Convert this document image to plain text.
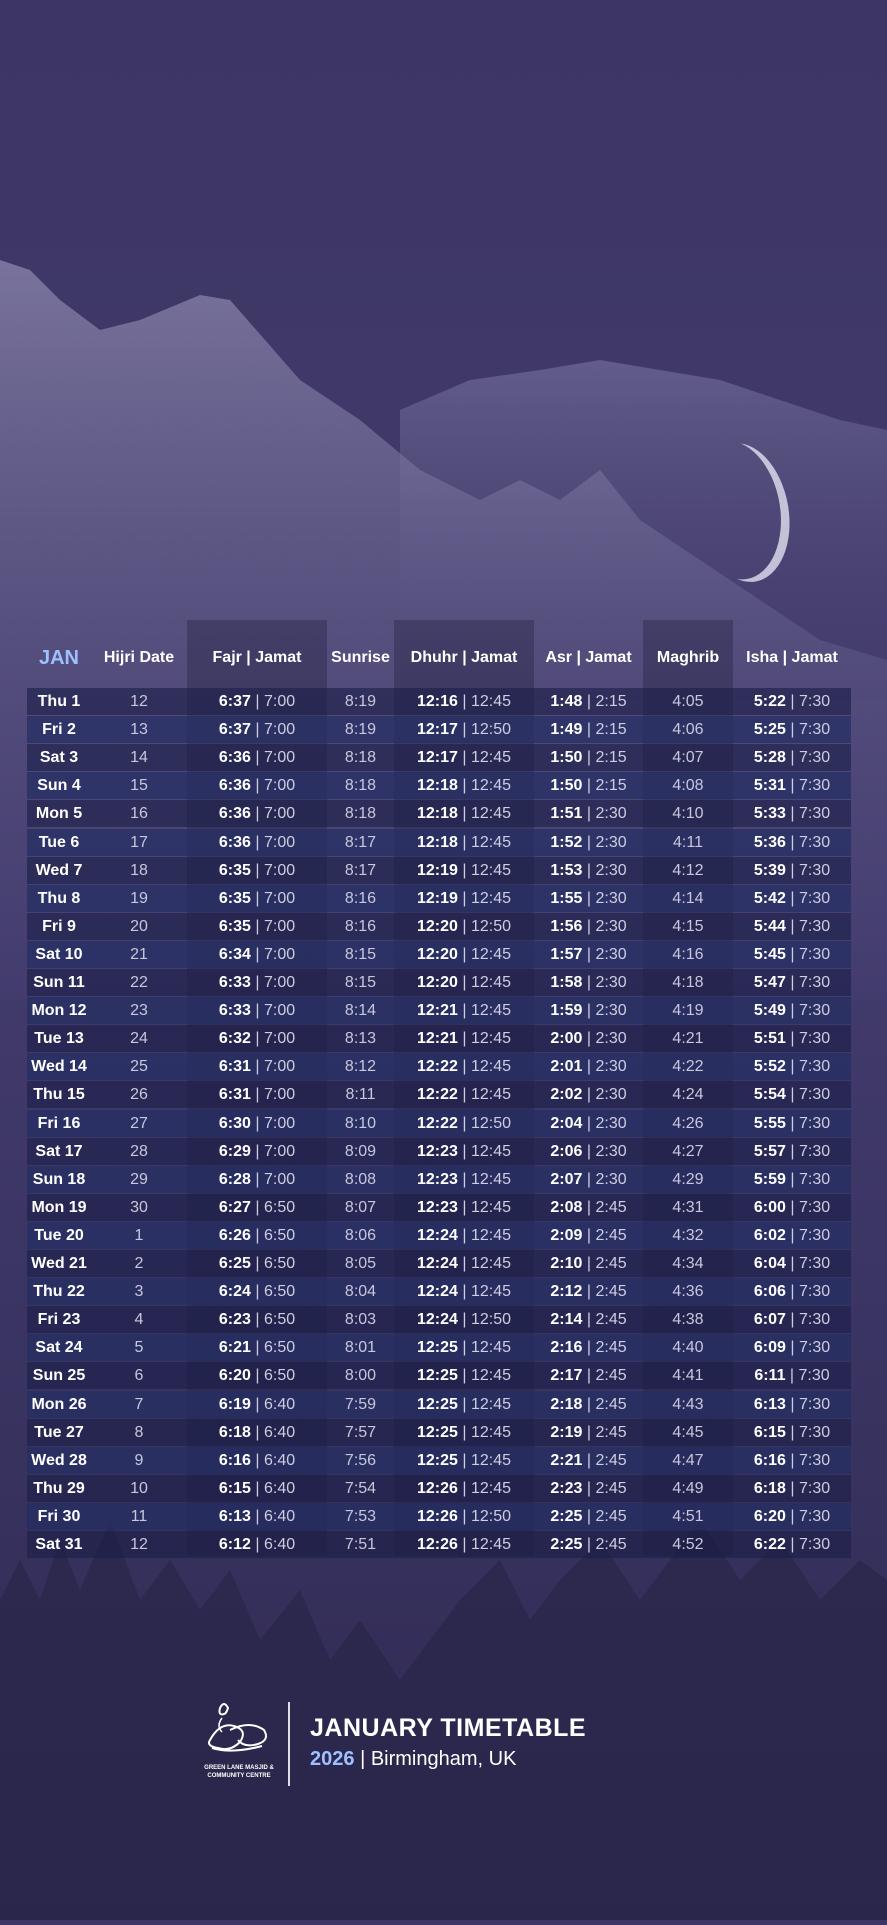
JAN	Hijri Date	Fajr | Jamat	Sunrise	Dhuhr | Jamat	Asr | Jamat	Maghrib	Isha | Jamat
Thu 1	12	6:37 | 7:00	8:19	12:16 | 12:45	1:48 | 2:15	4:05	5:22 | 7:30
Fri 2	13	6:37 | 7:00	8:19	12:17 | 12:50	1:49 | 2:15	4:06	5:25 | 7:30
Sat 3	14	6:36 | 7:00	8:18	12:17 | 12:45	1:50 | 2:15	4:07	5:28 | 7:30
Sun 4	15	6:36 | 7:00	8:18	12:18 | 12:45	1:50 | 2:15	4:08	5:31 | 7:30
Mon 5	16	6:36 | 7:00	8:18	12:18 | 12:45	1:51 | 2:30	4:10	5:33 | 7:30
Tue 6	17	6:36 | 7:00	8:17	12:18 | 12:45	1:52 | 2:30	4:11	5:36 | 7:30
Wed 7	18	6:35 | 7:00	8:17	12:19 | 12:45	1:53 | 2:30	4:12	5:39 | 7:30
Thu 8	19	6:35 | 7:00	8:16	12:19 | 12:45	1:55 | 2:30	4:14	5:42 | 7:30
Fri 9	20	6:35 | 7:00	8:16	12:20 | 12:50	1:56 | 2:30	4:15	5:44 | 7:30
Sat 10	21	6:34 | 7:00	8:15	12:20 | 12:45	1:57 | 2:30	4:16	5:45 | 7:30
Sun 11	22	6:33 | 7:00	8:15	12:20 | 12:45	1:58 | 2:30	4:18	5:47 | 7:30
Mon 12	23	6:33 | 7:00	8:14	12:21 | 12:45	1:59 | 2:30	4:19	5:49 | 7:30
Tue 13	24	6:32 | 7:00	8:13	12:21 | 12:45	2:00 | 2:30	4:21	5:51 | 7:30
Wed 14	25	6:31 | 7:00	8:12	12:22 | 12:45	2:01 | 2:30	4:22	5:52 | 7:30
Thu 15	26	6:31 | 7:00	8:11	12:22 | 12:45	2:02 | 2:30	4:24	5:54 | 7:30
Fri 16	27	6:30 | 7:00	8:10	12:22 | 12:50	2:04 | 2:30	4:26	5:55 | 7:30
Sat 17	28	6:29 | 7:00	8:09	12:23 | 12:45	2:06 | 2:30	4:27	5:57 | 7:30
Sun 18	29	6:28 | 7:00	8:08	12:23 | 12:45	2:07 | 2:30	4:29	5:59 | 7:30
Mon 19	30	6:27 | 6:50	8:07	12:23 | 12:45	2:08 | 2:45	4:31	6:00 | 7:30
Tue 20	1	6:26 | 6:50	8:06	12:24 | 12:45	2:09 | 2:45	4:32	6:02 | 7:30
Wed 21	2	6:25 | 6:50	8:05	12:24 | 12:45	2:10 | 2:45	4:34	6:04 | 7:30
Thu 22	3	6:24 | 6:50	8:04	12:24 | 12:45	2:12 | 2:45	4:36	6:06 | 7:30
Fri 23	4	6:23 | 6:50	8:03	12:24 | 12:50	2:14 | 2:45	4:38	6:07 | 7:30
Sat 24	5	6:21 | 6:50	8:01	12:25 | 12:45	2:16 | 2:45	4:40	6:09 | 7:30
Sun 25	6	6:20 | 6:50	8:00	12:25 | 12:45	2:17 | 2:45	4:41	6:11 | 7:30
Mon 26	7	6:19 | 6:40	7:59	12:25 | 12:45	2:18 | 2:45	4:43	6:13 | 7:30
Tue 27	8	6:18 | 6:40	7:57	12:25 | 12:45	2:19 | 2:45	4:45	6:15 | 7:30
Wed 28	9	6:16 | 6:40	7:56	12:25 | 12:45	2:21 | 2:45	4:47	6:16 | 7:30
Thu 29	10	6:15 | 6:40	7:54	12:26 | 12:45	2:23 | 2:45	4:49	6:18 | 7:30
Fri 30	11	6:13 | 6:40	7:53	12:26 | 12:50	2:25 | 2:45	4:51	6:20 | 7:30
Sat 31	12	6:12 | 6:40	7:51	12:26 | 12:45	2:25 | 2:45	4:52	6:22 | 7:30
GREEN LANE MASJID & COMMUNITY CENTRE
JANUARY TIMETABLE
2026 | Birmingham, UK
